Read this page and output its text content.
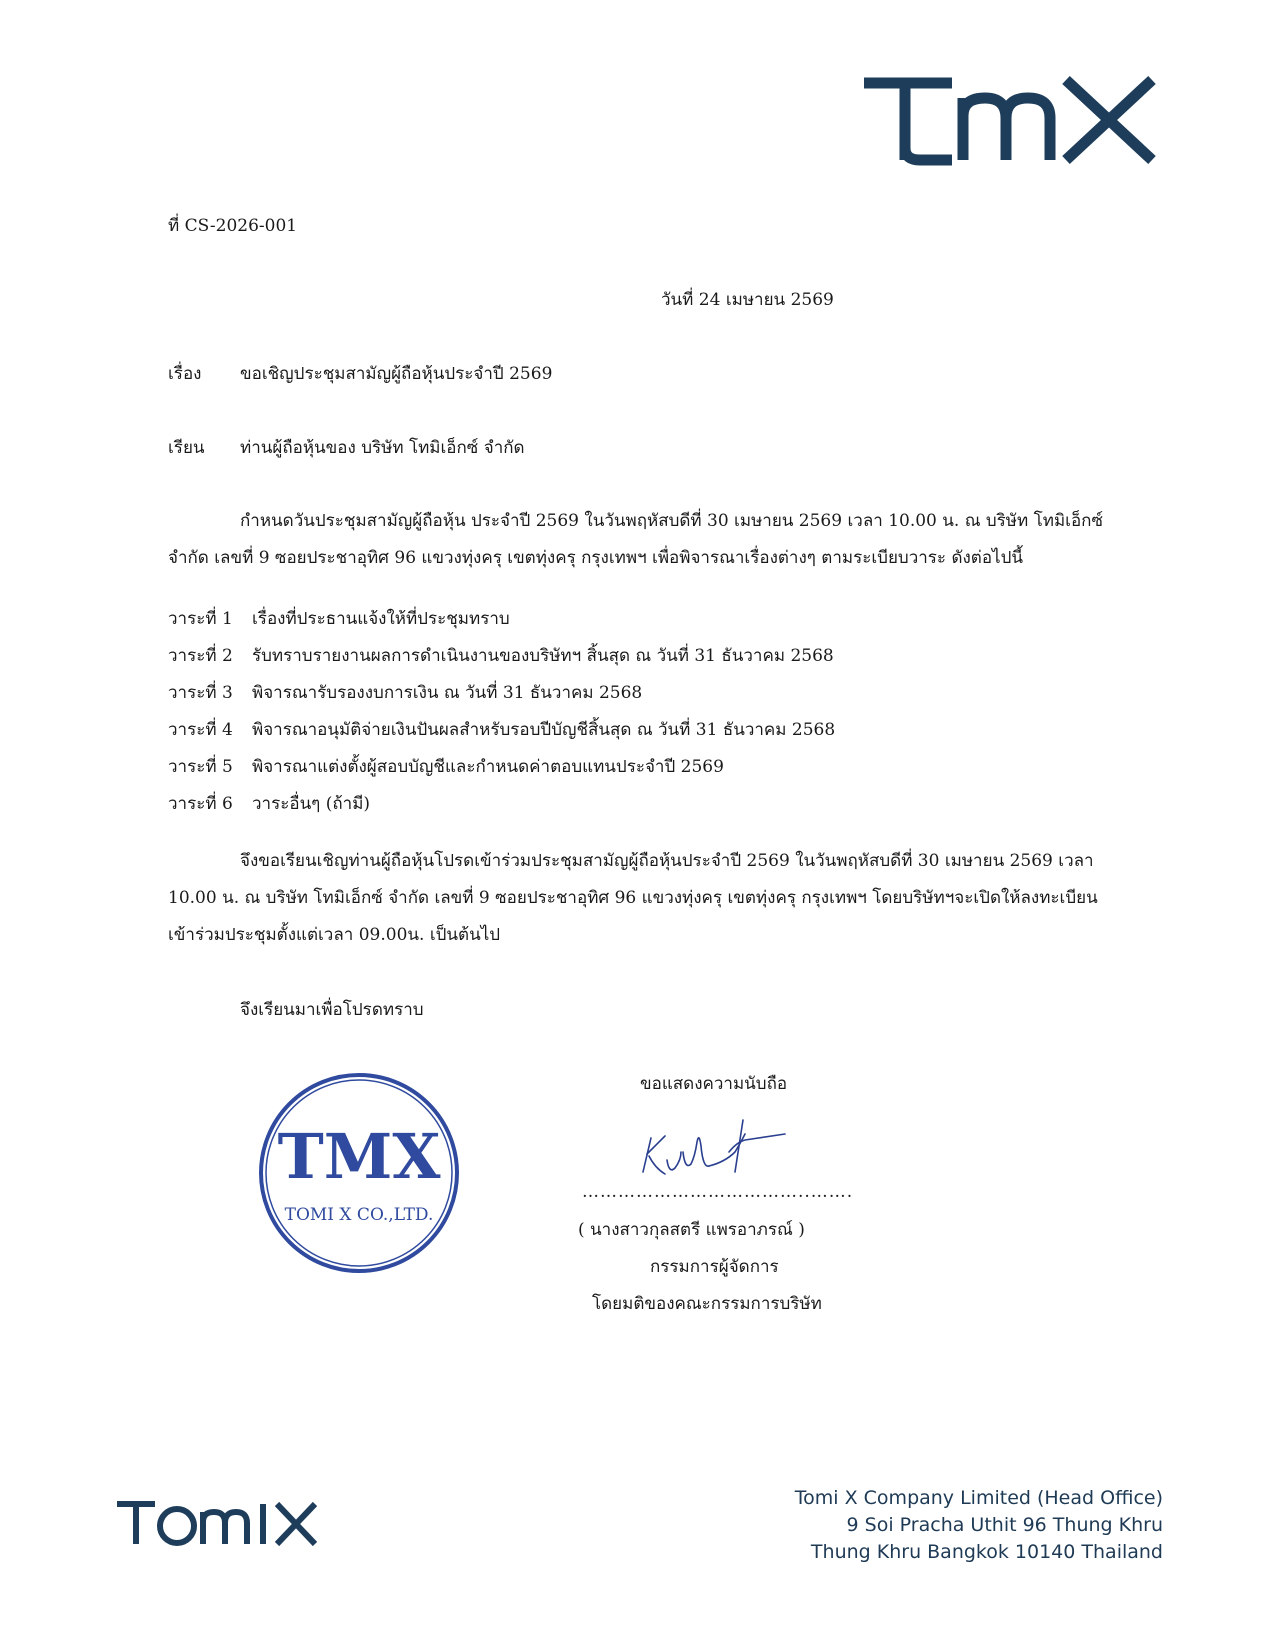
ที่ CS-2026-001
วันที่ 24 เมษายน 2569
เรื่อง ขอเชิญประชุมสามัญผู้ถือหุ้นประจำปี 2569
เรียน ท่านผู้ถือหุ้นของ บริษัท โทมิเอ็กซ์ จำกัด
กำหนดวันประชุมสามัญผู้ถือหุ้น ประจำปี 2569 ในวันพฤหัสบดีที่ 30 เมษายน 2569 เวลา 10.00 น. ณ บริษัท โทมิเอ็กซ์
จำกัด เลขที่ 9 ซอยประชาอุทิศ 96 แขวงทุ่งครุ เขตทุ่งครุ กรุงเทพฯ เพื่อพิจารณาเรื่องต่างๆ ตามระเบียบวาระ ดังต่อไปนี้
วาระที่ 1 เรื่องที่ประธานแจ้งให้ที่ประชุมทราบ
วาระที่ 2 รับทราบรายงานผลการดำเนินงานของบริษัทฯ สิ้นสุด ณ วันที่ 31 ธันวาคม 2568
วาระที่ 3 พิจารณารับรองงบการเงิน ณ วันที่ 31 ธันวาคม 2568
วาระที่ 4 พิจารณาอนุมัติจ่ายเงินปันผลสำหรับรอบปีบัญชีสิ้นสุด ณ วันที่ 31 ธันวาคม 2568
วาระที่ 5 พิจารณาแต่งตั้งผู้สอบบัญชีและกำหนดค่าตอบแทนประจำปี 2569
วาระที่ 6 วาระอื่นๆ (ถ้ามี)
จึงขอเรียนเชิญท่านผู้ถือหุ้นโปรดเข้าร่วมประชุมสามัญผู้ถือหุ้นประจำปี 2569 ในวันพฤหัสบดีที่ 30 เมษายน 2569 เวลา
10.00 น. ณ บริษัท โทมิเอ็กซ์ จำกัด เลขที่ 9 ซอยประชาอุทิศ 96 แขวงทุ่งครุ เขตทุ่งครุ กรุงเทพฯ โดยบริษัทฯจะเปิดให้ลงทะเบียน
เข้าร่วมประชุมตั้งแต่เวลา 09.00น. เป็นต้นไป
จึงเรียนมาเพื่อโปรดทราบ
TMX
TOMI X CO.,LTD.
ขอแสดงความนับถือ
………………………………..…….
( นางสาวกุลสตรี แพรอาภรณ์ )
กรรมการผู้จัดการ
โดยมติของคณะกรรมการบริษัท
Tomi X Company Limited (Head Office)
9 Soi Pracha Uthit 96 Thung Khru
Thung Khru Bangkok 10140 Thailand
